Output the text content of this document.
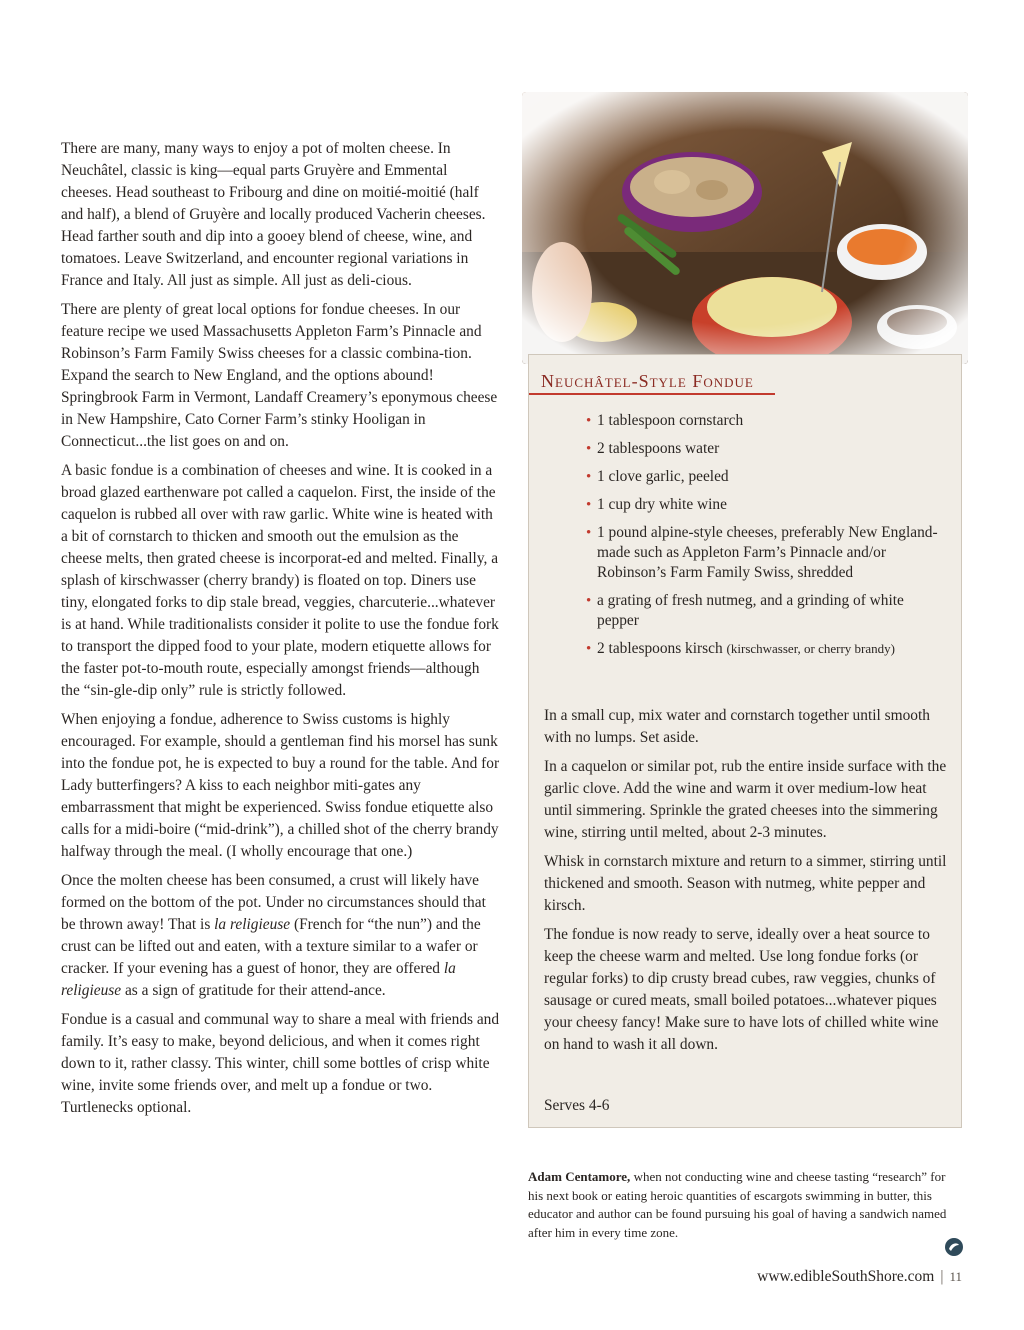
There are many, many ways to enjoy a pot of molten cheese. In Neuchâtel, classic is king—equal parts Gruyère and Emmental cheeses. Head southeast to Fribourg and dine on moitié-moitié (half and half), a blend of Gruyère and locally produced Vacherin cheeses. Head farther south and dip into a gooey blend of cheese, wine, and tomatoes. Leave Switzerland, and encounter regional variations in France and Italy. All just as simple. All just as deli-cious.

There are plenty of great local options for fondue cheeses. In our feature recipe we used Massachusetts Appleton Farm’s Pinnacle and Robinson’s Farm Family Swiss cheeses for a classic combina-tion. Expand the search to New England, and the options abound! Springbrook Farm in Vermont, Landaff Creamery’s eponymous cheese in New Hampshire, Cato Corner Farm’s stinky Hooligan in Connecticut...the list goes on and on.

A basic fondue is a combination of cheeses and wine. It is cooked in a broad glazed earthenware pot called a caquelon. First, the inside of the caquelon is rubbed all over with raw garlic. White wine is heated with a bit of cornstarch to thicken and smooth out the emulsion as the cheese melts, then grated cheese is incorporat-ed and melted. Finally, a splash of kirschwasser (cherry brandy) is floated on top. Diners use tiny, elongated forks to dip stale bread, veggies, charcuterie...whatever is at hand. While traditionalists consider it polite to use the fondue fork to transport the dipped food to your plate, modern etiquette allows for the faster pot-to-mouth route, especially amongst friends—although the “sin-gle-dip only” rule is strictly followed.

When enjoying a fondue, adherence to Swiss customs is highly encouraged. For example, should a gentleman find his morsel has sunk into the fondue pot, he is expected to buy a round for the table. And for Lady butterfingers? A kiss to each neighbor miti-gates any embarrassment that might be experienced. Swiss fondue etiquette also calls for a midi-boire (“mid-drink”), a chilled shot of the cherry brandy halfway through the meal. (I wholly encourage that one.)

Once the molten cheese has been consumed, a crust will likely have formed on the bottom of the pot. Under no circumstances should that be thrown away! That is la religieuse (French for “the nun”) and the crust can be lifted out and eaten, with a texture similar to a wafer or cracker. If your evening has a guest of honor, they are offered la religieuse as a sign of gratitude for their attend-ance.

Fondue is a casual and communal way to share a meal with friends and family. It’s easy to make, beyond delicious, and when it comes right down to it, rather classy. This winter, chill some bottles of crisp white wine, invite some friends over, and melt up a fondue or two. Turtlenecks optional.

Neuchâtel-Style Fondue
• 1 tablespoon cornstarch
• 2 tablespoons water
• 1 clove garlic, peeled
• 1 cup dry white wine
• 1 pound alpine-style cheeses, preferably New England-made such as Appleton Farm’s Pinnacle and/or Robinson’s Farm Family Swiss, shredded
• a grating of fresh nutmeg, and a grinding of white pepper
• 2 tablespoons kirsch (kirschwasser, or cherry brandy)

In a small cup, mix water and cornstarch together until smooth with no lumps. Set aside.

In a caquelon or similar pot, rub the entire inside surface with the garlic clove. Add the wine and warm it over medium-low heat until simmering. Sprinkle the grated cheeses into the simmering wine, stirring until melted, about 2-3 minutes.

Whisk in cornstarch mixture and return to a simmer, stirring until thickened and smooth. Season with nutmeg, white pepper and kirsch.

The fondue is now ready to serve, ideally over a heat source to keep the cheese warm and melted. Use long fondue forks (or regular forks) to dip crusty bread cubes, raw veggies, chunks of sausage or cured meats, small boiled potatoes...whatever piques your cheesy fancy! Make sure to have lots of chilled white wine on hand to wash it all down.

Serves 4-6
Adam Centamore, when not conducting wine and cheese tasting “research” for his next book or eating heroic quantities of escargots swimming in butter, this educator and author can be found pursuing his goal of having a sandwich named after him in every time zone.
www.edibleSouthShore.com | 11
